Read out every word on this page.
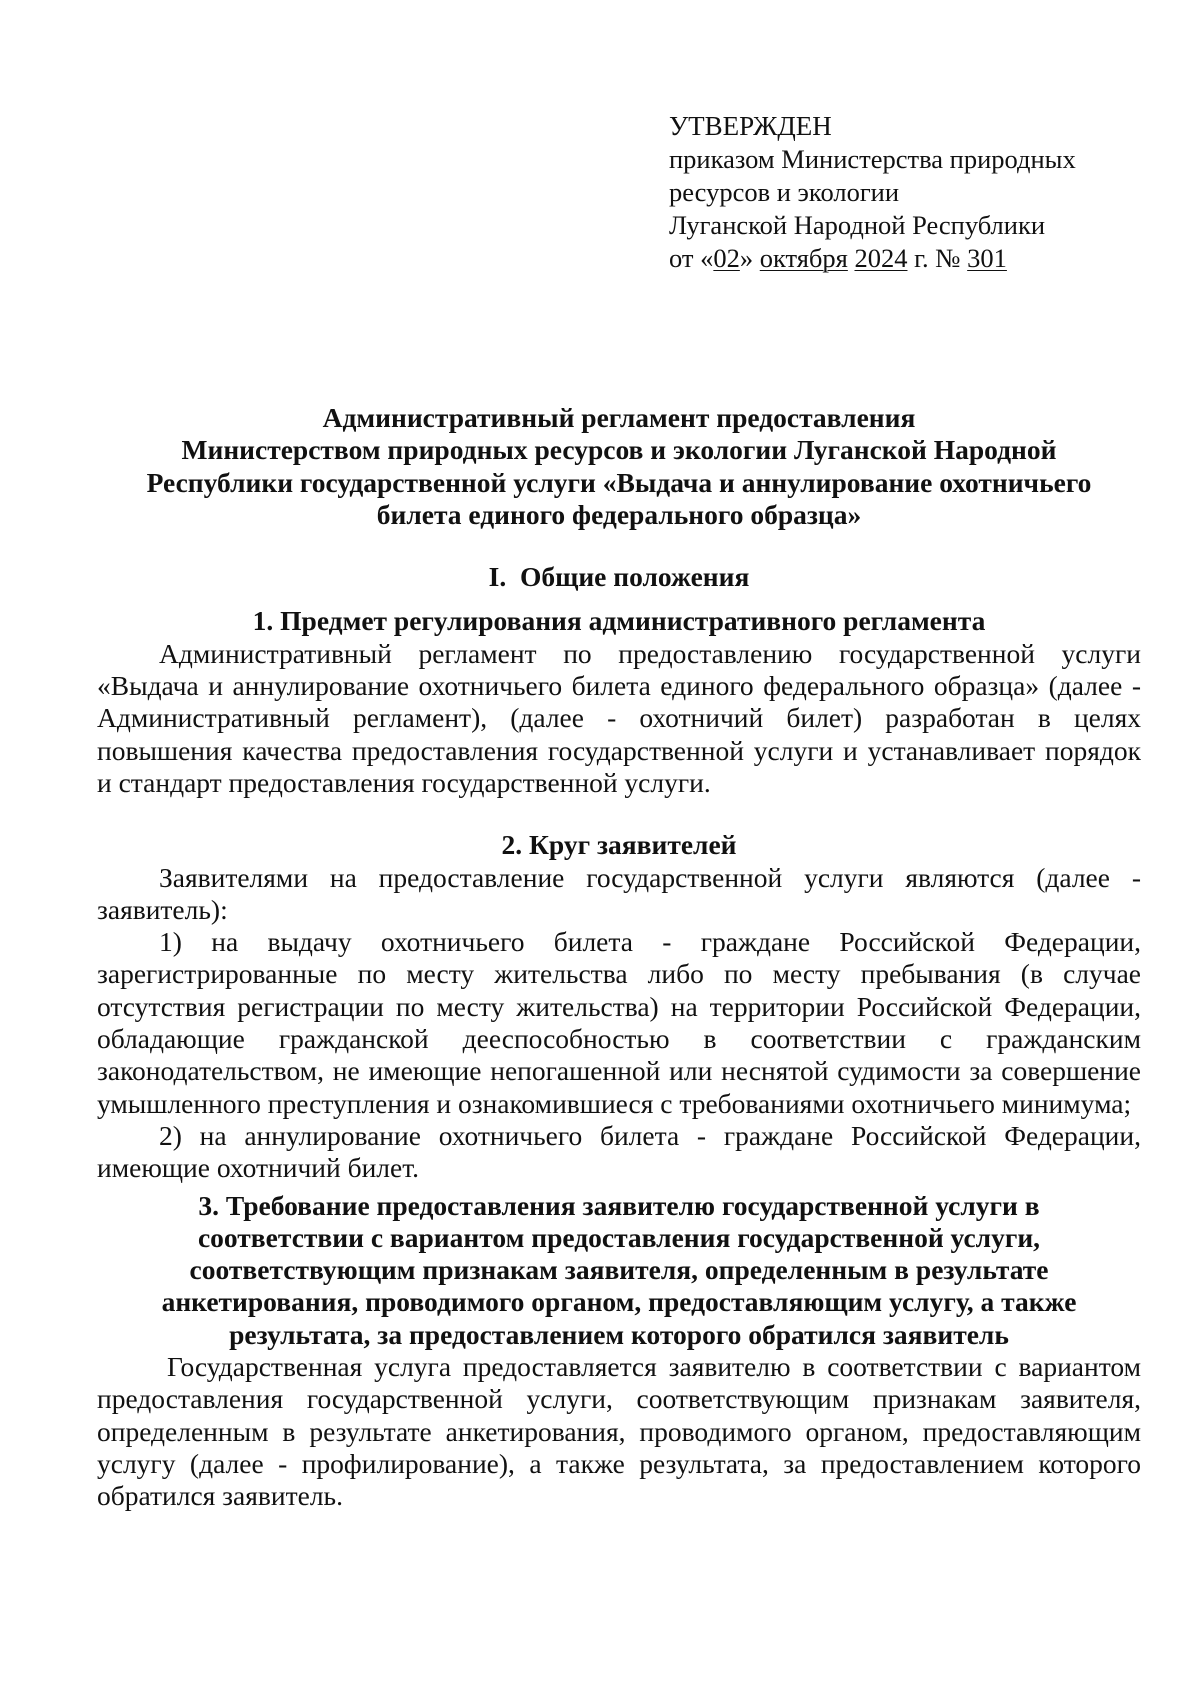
УТВЕРЖДЕН
приказом Министерства природных
ресурсов и экологии
Луганской Народной Республики
от «02» октября 2024 г. № 301
Административный регламент предоставления
Министерством природных ресурсов и экологии Луганской Народной
Республики государственной услуги «Выдача и аннулирование охотничьего
билета единого федерального образца»
I.  Общие положения
1. Предмет регулирования административного регламента

Административный регламент по предоставлению государственной услуги «Выдача и аннулирование охотничьего билета единого федерального образца» (далее - Административный регламент), (далее - охотничий билет) разработан в целях повышения качества предоставления государственной услуги и устанавливает порядок и стандарт предоставления государственной услуги.

2. Круг заявителей

Заявителями на предоставление государственной услуги являются (далее - заявитель):

1) на выдачу охотничьего билета - граждане Российской Федерации, зарегистрированные по месту жительства либо по месту пребывания (в случае отсутствия регистрации по месту жительства) на территории Российской Федерации, обладающие гражданской дееспособностью в соответствии с гражданским законодательством, не имеющие непогашенной или неснятой судимости за совершение умышленного преступления и ознакомившиеся с требованиями охотничьего минимума;

2) на аннулирование охотничьего билета - граждане Российской Федерации, имеющие охотничий билет.

3. Требование предоставления заявителю государственной услуги в
соответствии с вариантом предоставления государственной услуги,
соответствующим признакам заявителя, определенным в результате
анкетирования, проводимого органом, предоставляющим услугу, а также
результата, за предоставлением которого обратился заявитель

Государственная услуга предоставляется заявителю в соответствии с вариантом предоставления государственной услуги, соответствующим признакам заявителя, определенным в результате анкетирования, проводимого органом, предоставляющим услугу (далее - профилирование), а также результата, за предоставлением которого обратился заявитель.
